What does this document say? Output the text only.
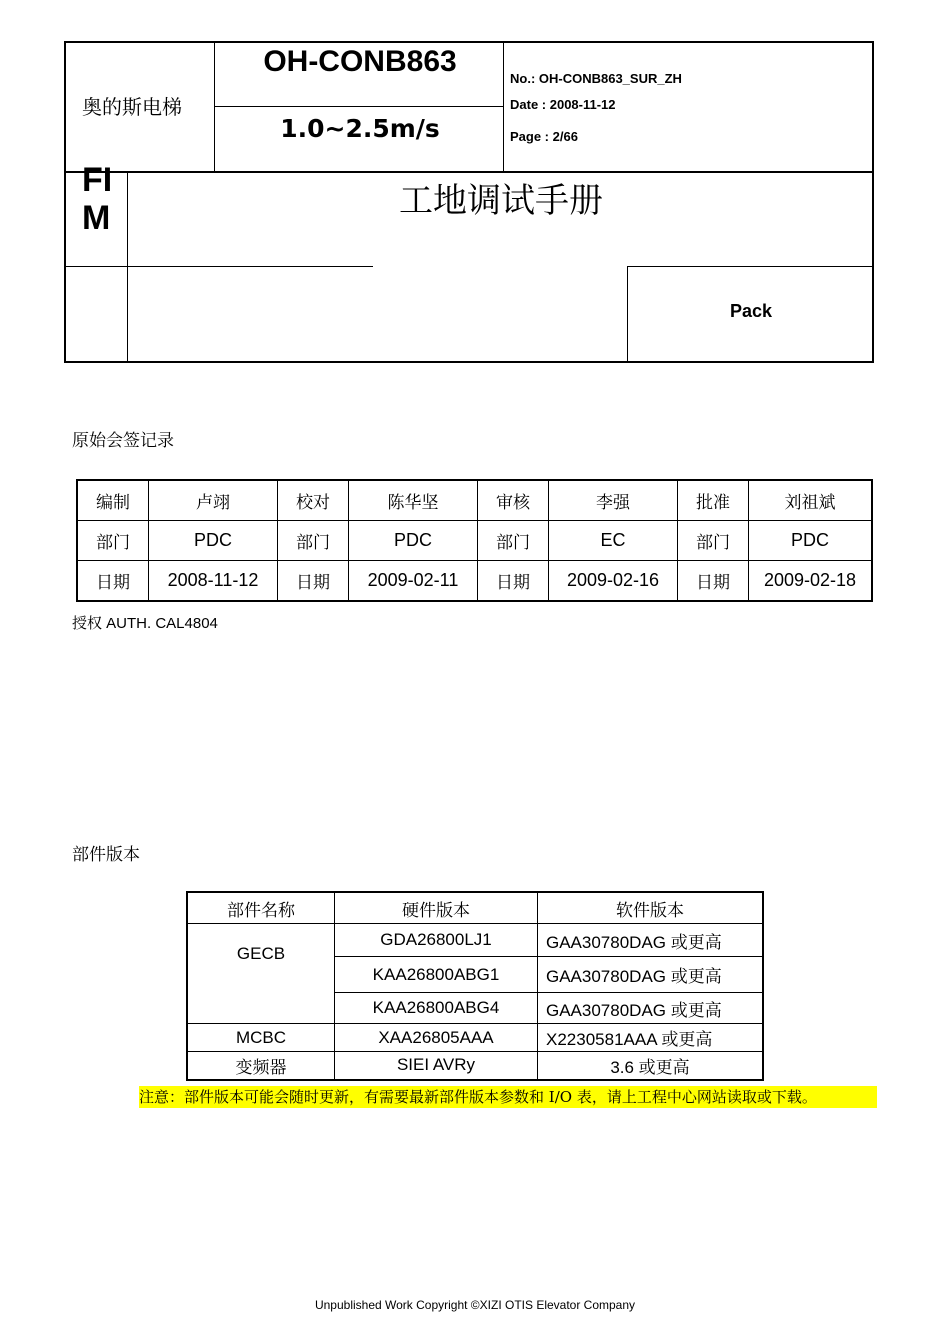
奥的斯电梯
OH-CONB863
1.0~2.5m/s
No.: OH-CONB863_SUR_ZH
Date : 2008-11-12
Page : 2/66
FI
M	工地调试手册
Pack
原始会签记录
编制	卢翊	校对	陈华坚	审核	李强	批准	刘祖斌
部门	PDC	部门	PDC	部门	EC	部门	PDC
日期	2008-11-12	日期	2009-02-11	日期	2009-02-16	日期	2009-02-18
授权 AUTH. CAL4804
部件版本
部件名称	硬件版本	软件版本
GECB	GDA26800LJ1	GAA30780DAG 或更高
	KAA26800ABG1	GAA30780DAG 或更高
	KAA26800ABG4	GAA30780DAG 或更高
MCBC	XAA26805AAA	X2230581AAA 或更高
变频器	SIEI AVRy	3.6 或更高
注意：部件版本可能会随时更新，有需要最新部件版本参数和 I/O 表，请上工程中心网站读取或下载。
Unpublished Work Copyright ©XIZI OTIS Elevator Company
